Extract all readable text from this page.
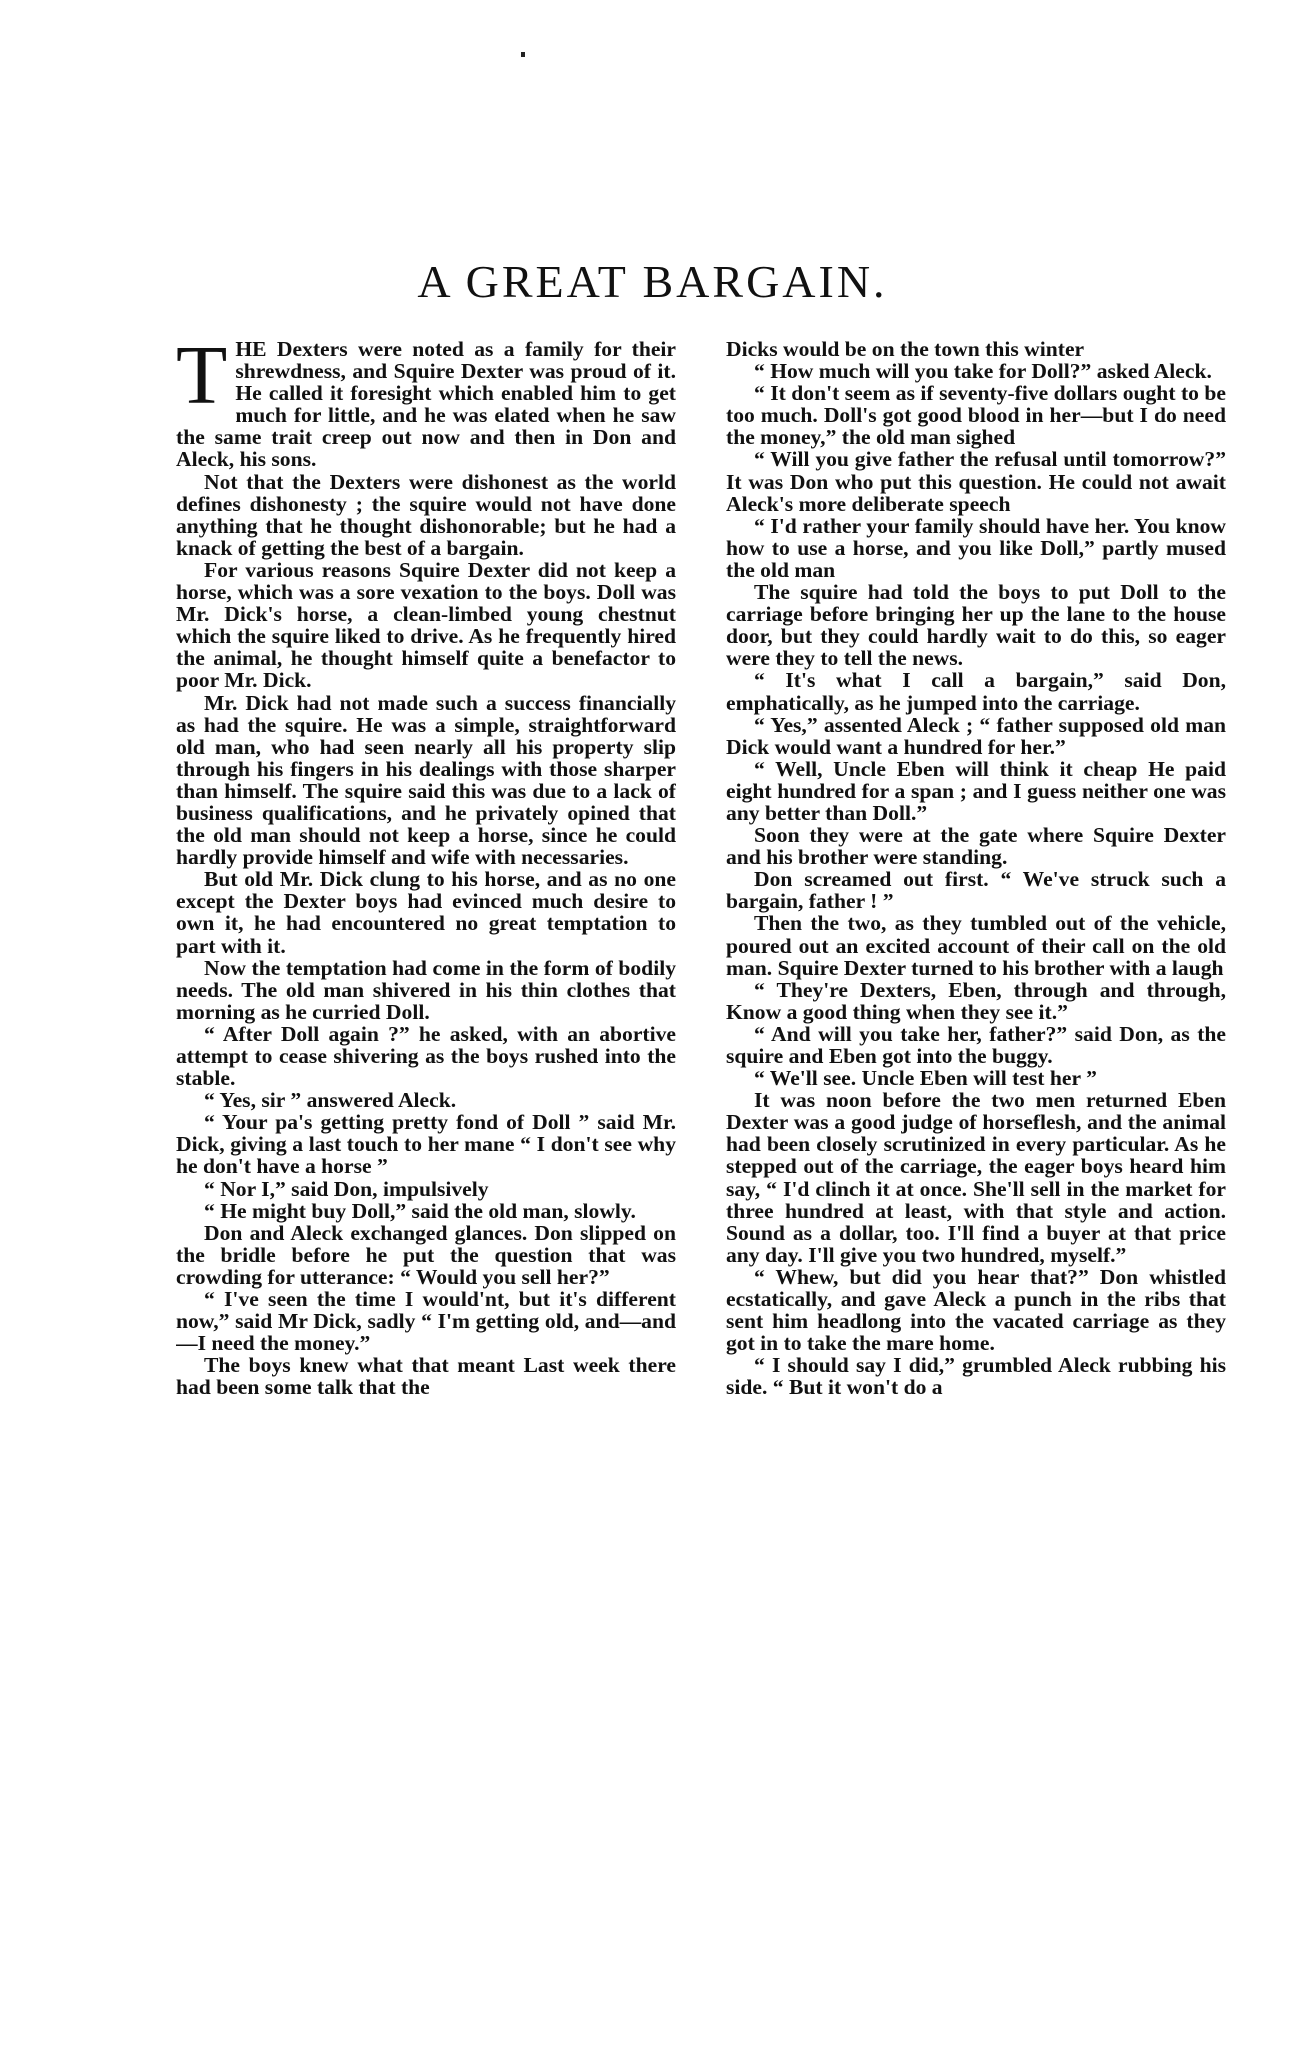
A GREAT BARGAIN.

THE Dexters were noted as a family for their shrewdness, and Squire Dexter was proud of it. He called it foresight which enabled him to get much for little, and he was elated when he saw the same trait creep out now and then in Don and Aleck, his sons.

Not that the Dexters were dishonest as the world defines dishonesty ; the squire would not have done anything that he thought dishonorable; but he had a knack of getting the best of a bargain.

For various reasons Squire Dexter did not keep a horse, which was a sore vexation to the boys. Doll was Mr. Dick's horse, a clean-limbed young chestnut which the squire liked to drive. As he frequently hired the animal, he thought himself quite a benefactor to poor Mr. Dick.

Mr. Dick had not made such a success financially as had the squire. He was a simple, straightforward old man, who had seen nearly all his property slip through his fingers in his dealings with those sharper than himself. The squire said this was due to a lack of business qualifications, and he privately opined that the old man should not keep a horse, since he could hardly provide himself and wife with necessaries.

But old Mr. Dick clung to his horse, and as no one except the Dexter boys had evinced much desire to own it, he had encountered no great temptation to part with it.

Now the temptation had come in the form of bodily needs. The old man shivered in his thin clothes that morning as he curried Doll.

“ After Doll again ?” he asked, with an abortive attempt to cease shivering as the boys rushed into the stable.

“ Yes, sir ” answered Aleck.

“ Your pa's getting pretty fond of Doll ” said Mr. Dick, giving a last touch to her mane “ I don't see why he don't have a horse ”

“ Nor I,” said Don, impulsively

“ He might buy Doll,” said the old man, slowly.

Don and Aleck exchanged glances. Don slipped on the bridle before he put the question that was crowding for utterance: “ Would you sell her?”

“ I've seen the time I would'nt, but it's different now,” said Mr Dick, sadly “ I'm getting old, and—and—I need the money.”

The boys knew what that meant Last week there had been some talk that the

Dicks would be on the town this winter

“ How much will you take for Doll?” asked Aleck.

“ It don't seem as if seventy-five dollars ought to be too much. Doll's got good blood in her—but I do need the money,” the old man sighed

“ Will you give father the refusal until tomorrow?” It was Don who put this question. He could not await Aleck's more deliberate speech

“ I'd rather your family should have her. You know how to use a horse, and you like Doll,” partly mused the old man

The squire had told the boys to put Doll to the carriage before bringing her up the lane to the house door, but they could hardly wait to do this, so eager were they to tell the news.

“ It's what I call a bargain,” said Don, emphatically, as he jumped into the carriage.

“ Yes,” assented Aleck ; “ father supposed old man Dick would want a hundred for her.”

“ Well, Uncle Eben will think it cheap He paid eight hundred for a span ; and I guess neither one was any better than Doll.”

Soon they were at the gate where Squire Dexter and his brother were standing.

Don screamed out first. “ We've struck such a bargain, father ! ”

Then the two, as they tumbled out of the vehicle, poured out an excited account of their call on the old man. Squire Dexter turned to his brother with a laugh

“ They're Dexters, Eben, through and through, Know a good thing when they see it.”

“ And will you take her, father?” said Don, as the squire and Eben got into the buggy.

“ We'll see. Uncle Eben will test her ”

It was noon before the two men returned Eben Dexter was a good judge of horseflesh, and the animal had been closely scrutinized in every particular. As he stepped out of the carriage, the eager boys heard him say, “ I'd clinch it at once. She'll sell in the market for three hundred at least, with that style and action. Sound as a dollar, too. I'll find a buyer at that price any day. I'll give you two hundred, myself.”

“ Whew, but did you hear that?” Don whistled ecstatically, and gave Aleck a punch in the ribs that sent him headlong into the vacated carriage as they got in to take the mare home.

“ I should say I did,” grumbled Aleck rubbing his side. “ But it won't do a
